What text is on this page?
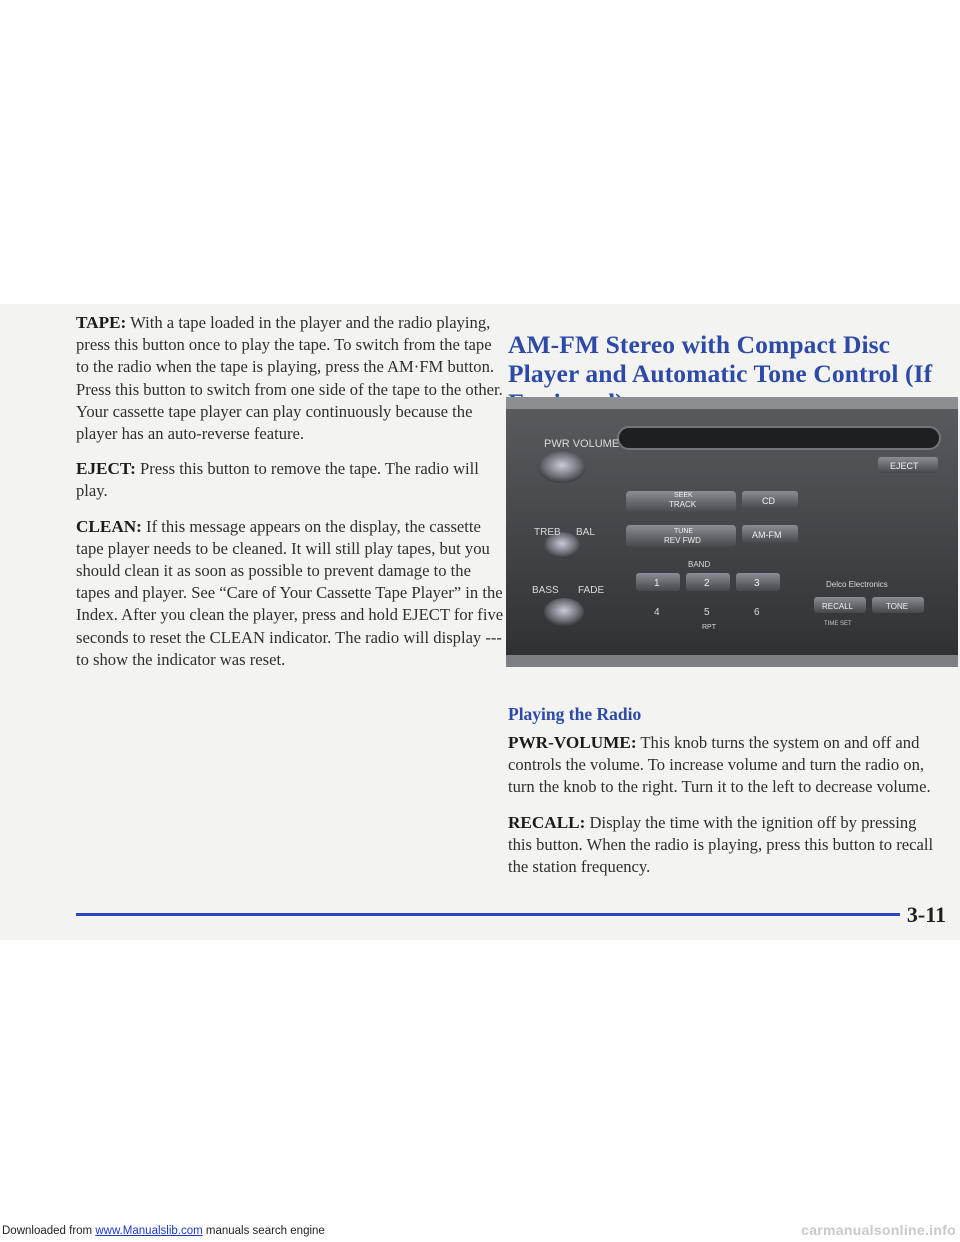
TAPE: With a tape loaded in the player and the radio playing, press this button once to play the tape. To switch from the tape to the radio when the tape is playing, press the AM·FM button. Press this button to switch from one side of the tape to the other. Your cassette tape player can play continuously because the player has an auto-reverse feature.

EJECT: Press this button to remove the tape. The radio will play.

CLEAN: If this message appears on the display, the cassette tape player needs to be cleaned. It will still play tapes, but you should clean it as soon as possible to prevent damage to the tapes and player. See “Care of Your Cassette Tape Player” in the Index. After you clean the player, press and hold EJECT for five seconds to reset the CLEAN indicator. The radio will display --- to show the indicator was reset.

AM-FM Stereo with Compact Disc Player and Automatic Tone Control (If
PWR VOLUME
TREB BAL
BASS FADE
SEEK
TRACK	CD
TUNE
REV FWD
AM-FM
BAND
1	2	3
4	5	6
RPT
EJECT
Delco Electronics
RECALL	TONE
TIME SET
Playing the Radio

PWR-VOLUME: This knob turns the system on and off and controls the volume. To increase volume and turn the radio on, turn the knob to the right. Turn it to the left to decrease volume.

RECALL: Display the time with the ignition off by pressing this button. When the radio is playing, press this button to recall the station frequency.

3-11
Downloaded from www.Manualslib.com manuals search engine	carmanualsonline.info
